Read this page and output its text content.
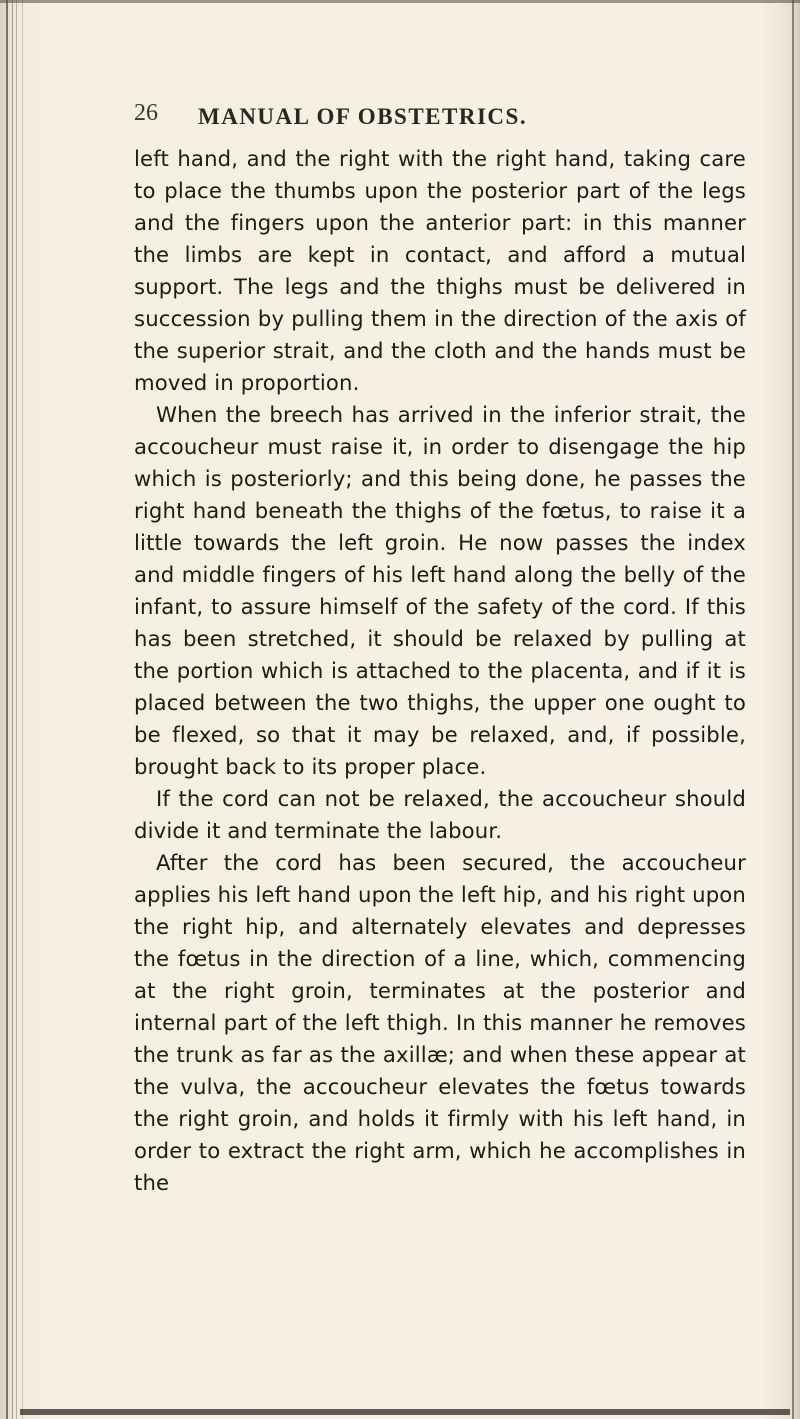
26 MANUAL OF OBSTETRICS.

left hand, and the right with the right hand, taking care to place the thumbs upon the posterior part of the legs and the fingers upon the anterior part: in this manner the limbs are kept in contact, and afford a mutual support. The legs and the thighs must be delivered in succession by pulling them in the direction of the axis of the superior strait, and the cloth and the hands must be moved in proportion.

When the breech has arrived in the inferior strait, the accoucheur must raise it, in order to disengage the hip which is posteriorly; and this being done, he passes the right hand beneath the thighs of the fœtus, to raise it a little towards the left groin. He now passes the index and middle fingers of his left hand along the belly of the infant, to assure himself of the safety of the cord. If this has been stretched, it should be relaxed by pulling at the portion which is attached to the placenta, and if it is placed between the two thighs, the upper one ought to be flexed, so that it may be relaxed, and, if possible, brought back to its proper place.

If the cord can not be relaxed, the accoucheur should divide it and terminate the labour.

After the cord has been secured, the accoucheur applies his left hand upon the left hip, and his right upon the right hip, and alternately elevates and depresses the fœtus in the direction of a line, which, commencing at the right groin, terminates at the posterior and internal part of the left thigh. In this manner he removes the trunk as far as the axillæ; and when these appear at the vulva, the accoucheur elevates the fœtus towards the right groin, and holds it firmly with his left hand, in order to extract the right arm, which he accomplishes in the
